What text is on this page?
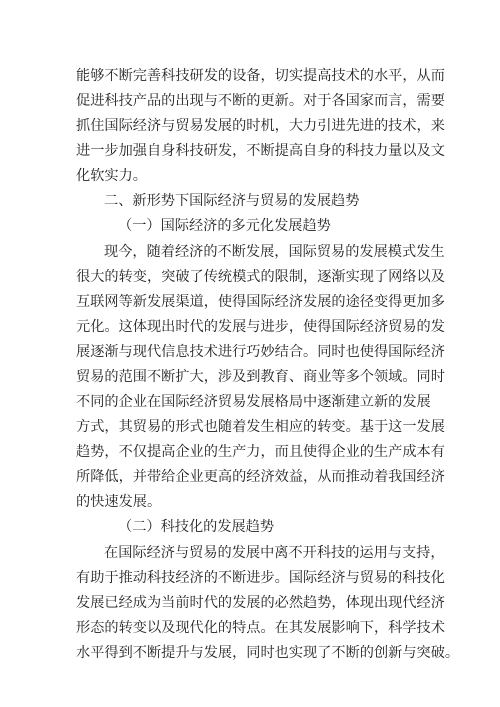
能够不断完善科技研发的设备，切实提高技术的水平，从而
促进科技产品的出现与不断的更新。对于各国家而言，需要
抓住国际经济与贸易发展的时机，大力引进先进的技术，来
进一步加强自身科技研发，不断提高自身的科技力量以及文
化软实力。
二、新形势下国际经济与贸易的发展趋势
（一）国际经济的多元化发展趋势
现今，随着经济的不断发展，国际贸易的发展模式发生
很大的转变，突破了传统模式的限制，逐渐实现了网络以及
互联网等新发展渠道，使得国际经济发展的途径变得更加多
元化。这体现出时代的发展与进步，使得国际经济贸易的发
展逐渐与现代信息技术进行巧妙结合。同时也使得国际经济
贸易的范围不断扩大，涉及到教育、商业等多个领域。同时
不同的企业在国际经济贸易发展格局中逐渐建立新的发展
方式，其贸易的形式也随着发生相应的转变。基于这一发展
趋势，不仅提高企业的生产力，而且使得企业的生产成本有
所降低，并带给企业更高的经济效益，从而推动着我国经济
的快速发展。
（二）科技化的发展趋势
在国际经济与贸易的发展中离不开科技的运用与支持，
有助于推动科技经济的不断进步。国际经济与贸易的科技化
发展已经成为当前时代的发展的必然趋势，体现出现代经济
形态的转变以及现代化的特点。在其发展影响下，科学技术
水平得到不断提升与发展，同时也实现了不断的创新与突破。
